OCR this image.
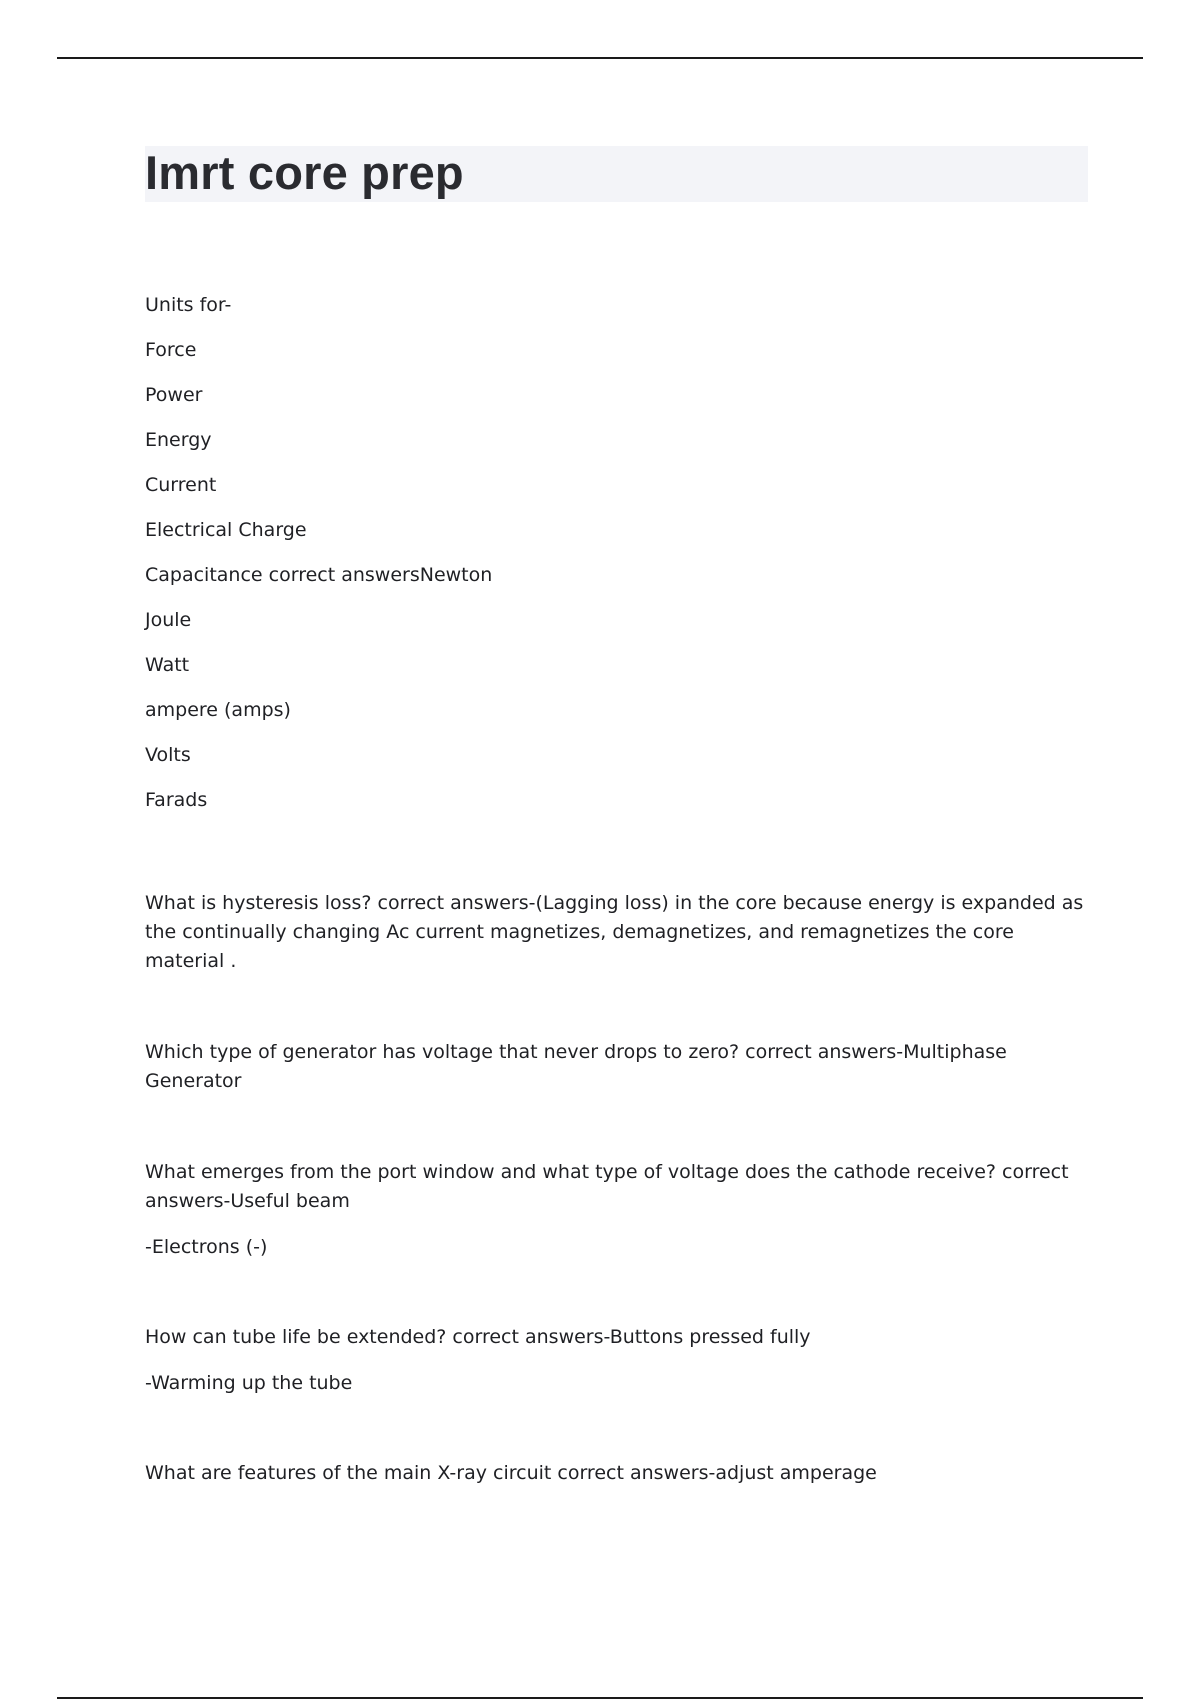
Imrt core prep

Units for-

Force

Power

Energy

Current

Electrical Charge

Capacitance correct answersNewton

Joule

Watt

ampere (amps)

Volts

Farads

What is hysteresis loss? correct answers-(Lagging loss) in the core because energy is expanded as the continually changing Ac current magnetizes, demagnetizes, and remagnetizes the core material .

Which type of generator has voltage that never drops to zero? correct answers-Multiphase Generator

What emerges from the port window and what type of voltage does the cathode receive? correct answers-Useful beam

-Electrons (-)

How can tube life be extended? correct answers-Buttons pressed fully

-Warming up the tube

What are features of the main X-ray circuit correct answers-adjust amperage
